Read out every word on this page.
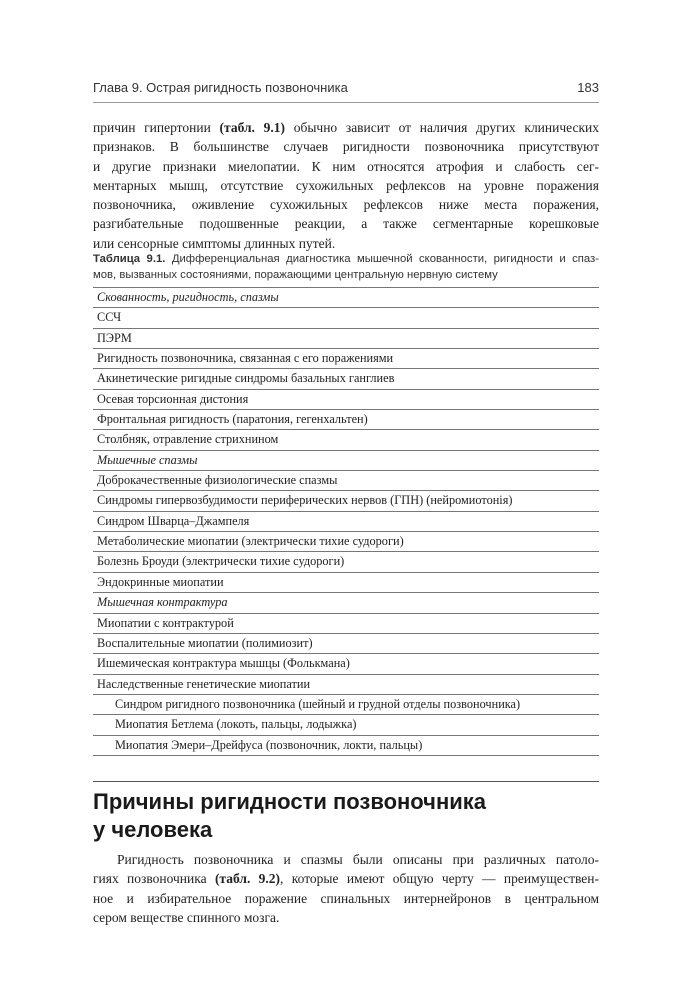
Глава 9. Острая ригидность позвоночника	183

причин гипертонии (табл. 9.1) обычно зависит от наличия других клинических
признаков. В большинстве случаев ригидности позвоночника присутствуют
и другие признаки миелопатии. К ним относятся атрофия и слабость сег-
ментарных мышц, отсутствие сухожильных рефлексов на уровне поражения
позвоночника, оживление сухожильных рефлексов ниже места поражения,
разгибательные подошвенные реакции, а также сегментарные корешковые
или сенсорные симптомы длинных путей.

Таблица 9.1. Дифференциальная диагностика мышечной скованности, ригидности и спаз-
мов, вызванных состояниями, поражающими центральную нервную систему
Скованность, ригидность, спазмы
ССЧ
ПЭРМ
Ригидность позвоночника, связанная с его поражениями
Акинетические ригидные синдромы базальных ганглиев
Осевая торсионная дистония
Фронтальная ригидность (паратония, гегенхальтен)
Столбняк, отравление стрихнином
Мышечные спазмы
Доброкачественные физиологические спазмы
Синдромы гипервозбудимости периферических нервов (ГПН) (нейромиотонія)
Синдром Шварца–Джампеля
Метаболические миопатии (электрически тихие судороги)
Болезнь Броуди (электрически тихие судороги)
Эндокринные миопатии
Мышечная контрактура
Миопатии с контрактурой
Воспалительные миопатии (полимиозит)
Ишемическая контрактура мышцы (Фолькмана)
Наследственные генетические миопатии
Синдром ригидного позвоночника (шейный и грудной отделы позвоночника)
Миопатия Бетлема (локоть, пальцы, лодыжка)
Миопатия Эмери–Дрейфуса (позвоночник, локти, пальцы)
Причины ригидности позвоночника
у человека

Ригидность позвоночника и спазмы были описаны при различных патоло-
гиях позвоночника (табл. 9.2), которые имеют общую черту — преимуществен-
ное и избирательное поражение спинальных интернейронов в центральном
сером веществе спинного мозга.
